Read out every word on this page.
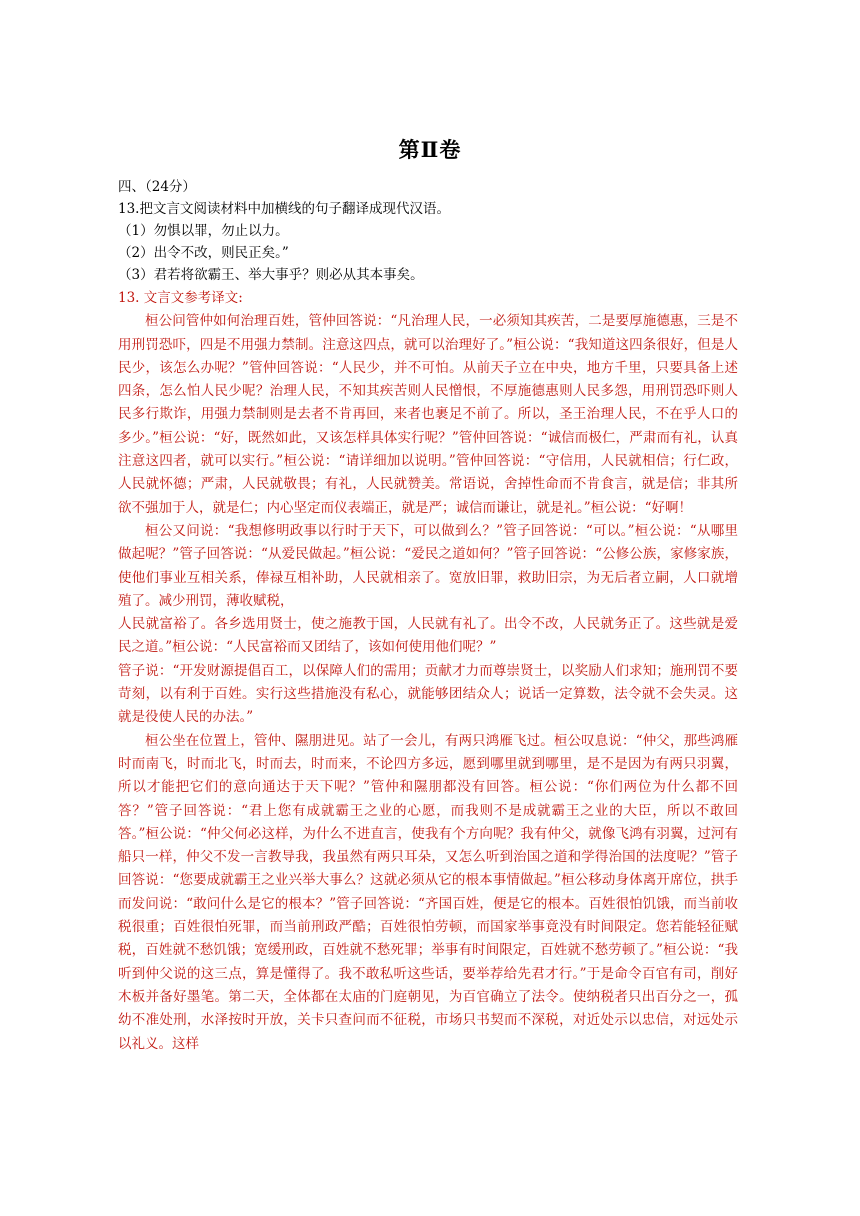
第Ⅱ卷

四、（24分）

13.把文言文阅读材料中加横线的句子翻译成现代汉语。

（1）勿惧以罪，勿止以力。

（2）出令不改，则民正矣。”

（3）君若将欲霸王、举大事乎？则必从其本事矣。

13. 文言文参考译文:

桓公问管仲如何治理百姓，管仲回答说：“凡治理人民，一必须知其疾苦，二是要厚施德惠，三是不用刑罚恐吓，四是不用强力禁制。注意这四点，就可以治理好了。”桓公说：“我知道这四条很好，但是人民少，该怎么办呢？”管仲回答说：“人民少，并不可怕。从前天子立在中央，地方千里，只要具备上述四条，怎么怕人民少呢？治理人民，不知其疾苦则人民憎恨，不厚施德惠则人民多怨，用刑罚恐吓则人民多行欺诈，用强力禁制则是去者不肯再回，来者也裹足不前了。所以，圣王治理人民，不在乎人口的多少。”桓公说：“好，既然如此，又该怎样具体实行呢？”管仲回答说：“诚信而极仁，严肃而有礼，认真注意这四者，就可以实行。”桓公说：“请详细加以说明。”管仲回答说：“守信用，人民就相信；行仁政，人民就怀德；严肃，人民就敬畏；有礼，人民就赞美。常语说，舍掉性命而不肯食言，就是信；非其所欲不强加于人，就是仁；内心坚定而仪表端正，就是严；诚信而谦让，就是礼。”桓公说：“好啊！

桓公又问说：“我想修明政事以行时于天下，可以做到么？”管子回答说：“可以。”桓公说：“从哪里做起呢？”管子回答说：“从爱民做起。”桓公说：“爱民之道如何？”管子回答说：“公修公族，家修家族，使他们事业互相关系，俸禄互相补助，人民就相亲了。宽放旧罪，救助旧宗，为无后者立嗣，人口就增殖了。减少刑罚，薄收赋税，

人民就富裕了。各乡选用贤士，使之施教于国，人民就有礼了。出令不改，人民就务正了。这些就是爱民之道。”桓公说：“人民富裕而又团结了，该如何使用他们呢？”

管子说：“开发财源提倡百工，以保障人们的需用；贡献才力而尊崇贤士，以奖励人们求知；施刑罚不要苛刻，以有利于百姓。实行这些措施没有私心，就能够团结众人；说话一定算数，法令就不会失灵。这就是役使人民的办法。”

桓公坐在位置上，管仲、隰朋进见。站了一会儿，有两只鸿雁飞过。桓公叹息说：“仲父，那些鸿雁时而南飞，时而北飞，时而去，时而来，不论四方多远，愿到哪里就到哪里，是不是因为有两只羽翼，所以才能把它们的意向通达于天下呢？”管仲和隰朋都没有回答。桓公说：“你们两位为什么都不回答？”管子回答说：“君上您有成就霸王之业的心愿，而我则不是成就霸王之业的大臣，所以不敢回答。”桓公说：“仲父何必这样，为什么不进直言，使我有个方向呢？我有仲父，就像飞鸿有羽翼，过河有船只一样，仲父不发一言教导我，我虽然有两只耳朵，又怎么听到治国之道和学得治国的法度呢？”管子回答说：“您要成就霸王之业兴举大事么？这就必须从它的根本事情做起。”桓公移动身体离开席位，拱手而发问说：“敢问什么是它的根本？”管子回答说：“齐国百姓，便是它的根本。百姓很怕饥饿，而当前收税很重；百姓很怕死罪，而当前刑政严酷；百姓很怕劳顿，而国家举事竟没有时间限定。您若能轻征赋税，百姓就不愁饥饿；宽缓刑政，百姓就不愁死罪；举事有时间限定，百姓就不愁劳顿了。”桓公说：“我听到仲父说的这三点，算是懂得了。我不敢私听这些话，要举荐给先君才行。”于是命令百官有司，削好木板并备好墨笔。第二天，全体都在太庙的门庭朝见，为百官确立了法令。使纳税者只出百分之一，孤幼不准处刑，水泽按时开放，关卡只查问而不征税，市场只书契而不深税，对近处示以忠信，对远处示以礼义。这样
